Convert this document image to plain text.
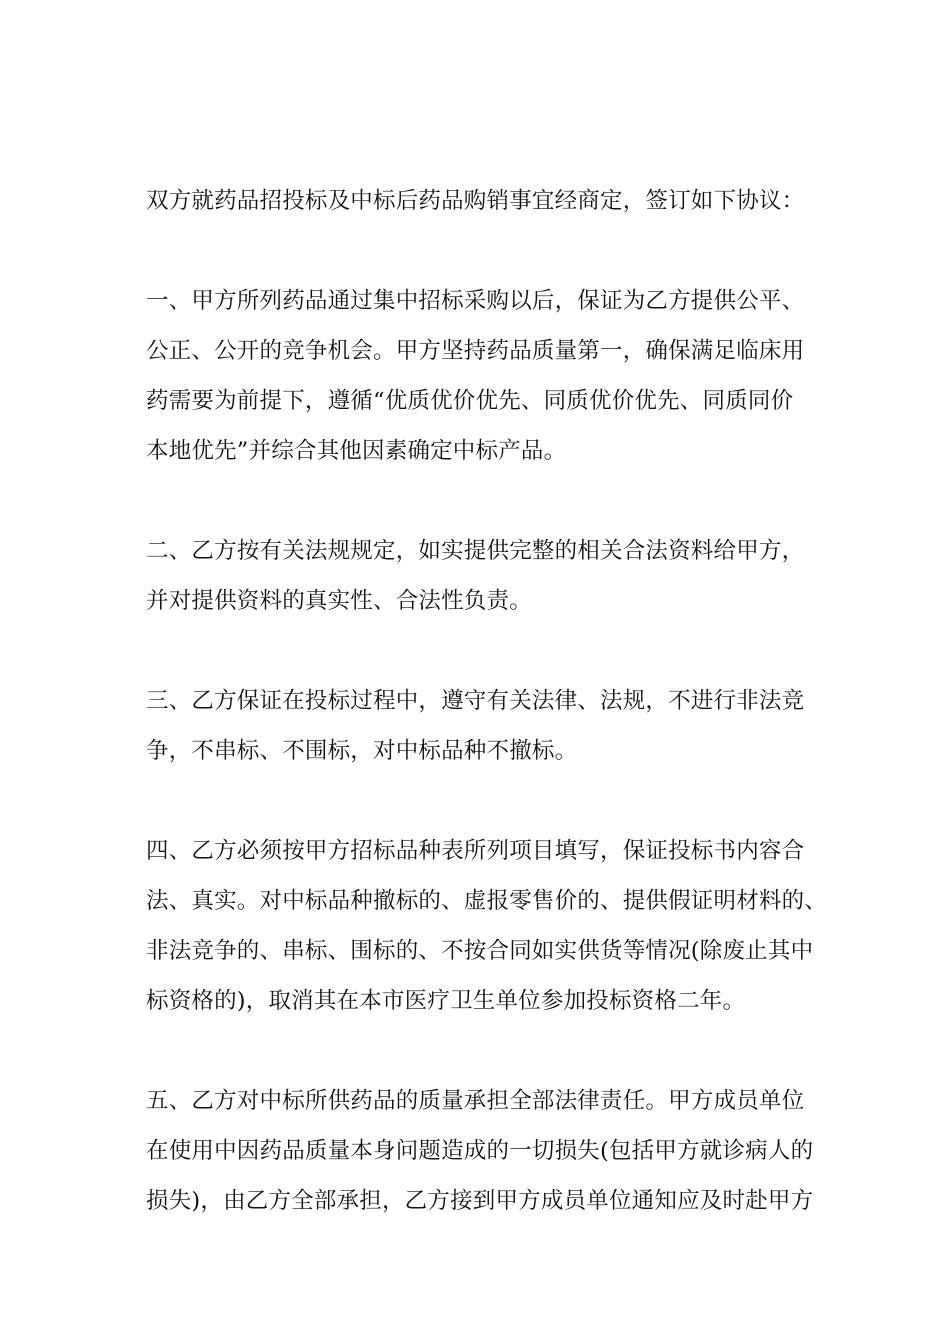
双方就药品招投标及中标后药品购销事宜经商定，签订如下协议：
一、甲方所列药品通过集中招标采购以后，保证为乙方提供公平、
公正、公开的竞争机会。甲方坚持药品质量第一，确保满足临床用
药需要为前提下，遵循“优质优价优先、同质优价优先、同质同价
本地优先”并综合其他因素确定中标产品。
二、乙方按有关法规规定，如实提供完整的相关合法资料给甲方，
并对提供资料的真实性、合法性负责。
三、乙方保证在投标过程中，遵守有关法律、法规，不进行非法竞
争，不串标、不围标，对中标品种不撤标。
四、乙方必须按甲方招标品种表所列项目填写，保证投标书内容合
法、真实。对中标品种撤标的、虚报零售价的、提供假证明材料的、
非法竞争的、串标、围标的、不按合同如实供货等情况(除废止其中
标资格的)，取消其在本市医疗卫生单位参加投标资格二年。
五、乙方对中标所供药品的质量承担全部法律责任。甲方成员单位
在使用中因药品质量本身问题造成的一切损失(包括甲方就诊病人的
损失)，由乙方全部承担，乙方接到甲方成员单位通知应及时赴甲方
